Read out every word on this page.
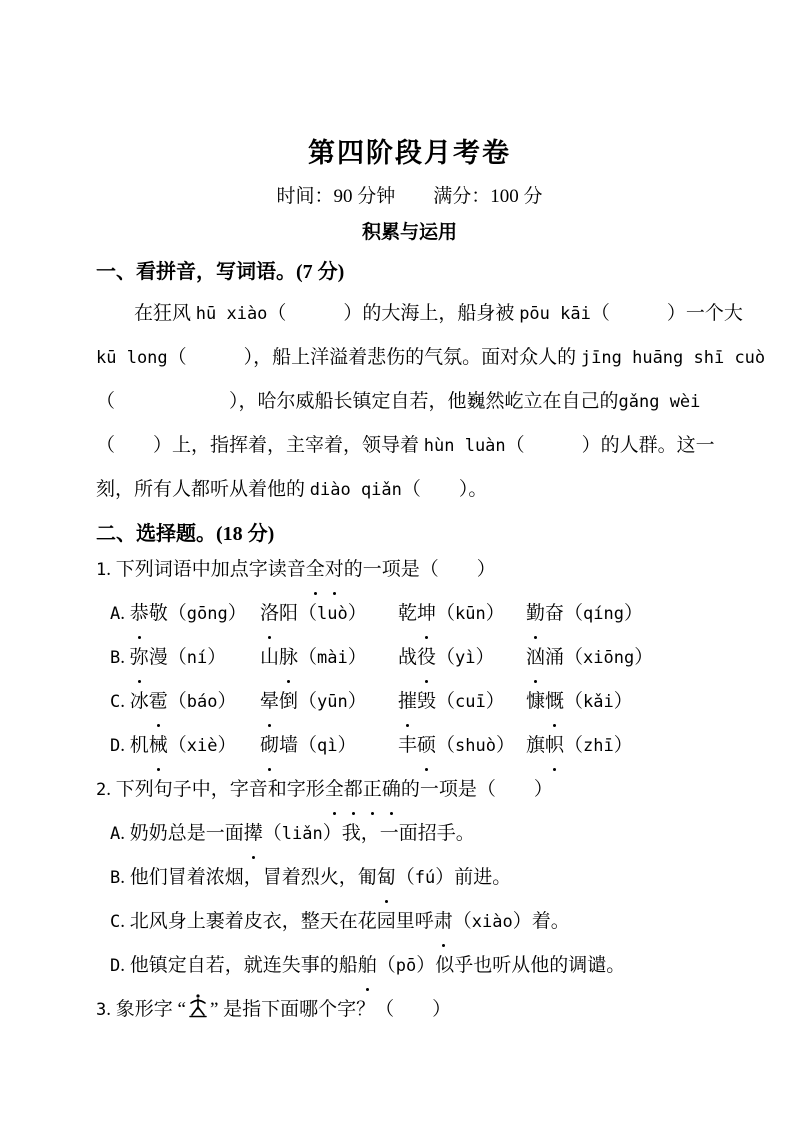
第四阶段月考卷
时间：90 分钟　　满分：100 分
积累与运用
一、看拼音，写词语。(7 分)
在狂风 hū xiào（　　　）的大海上，船身被 pōu kāi（　　　）一个大
kū long（　　　），船上洋溢着悲伤的气氛。面对众人的 jīng huāng shī cuò
（　　　　　　），哈尔威船长镇定自若，他巍然屹立在自己的gǎng wèi
（　　）上，指挥着，主宰着，领导着 hùn luàn（　　　）的人群。这一
刻，所有人都听从着他的 diào qiǎn（　　）。
二、选择题。(18 分)
1. 下列词语中加点字读音全对的一项是（　　）
A. 恭敬（gōng） 洛阳（luò）	乾坤（kūn）	勤奋（qíng）
B. 弥漫（ní）	山脉（mài）	战役（yì）	汹涌（xiōng）
C. 冰雹（báo）	晕倒（yūn）	摧毁（cuī）	慷慨（kǎi）
D. 机械（xiè）	砌墙（qì）	丰硕（shuò） 旗帜（zhī）
2. 下列句子中，字音和字形全都正确的一项是（　　）
A. 奶奶总是一面撵（liǎn）我，一面招手。
B. 他们冒着浓烟，冒着烈火，匍匐（fú）前进。
C. 北风身上裹着皮衣，整天在花园里呼肃（xiào）着。
D. 他镇定自若，就连失事的船舶（pō）似乎也听从他的调谴。
3. 象形字 “ ” 是指下面哪个字？（　　）
